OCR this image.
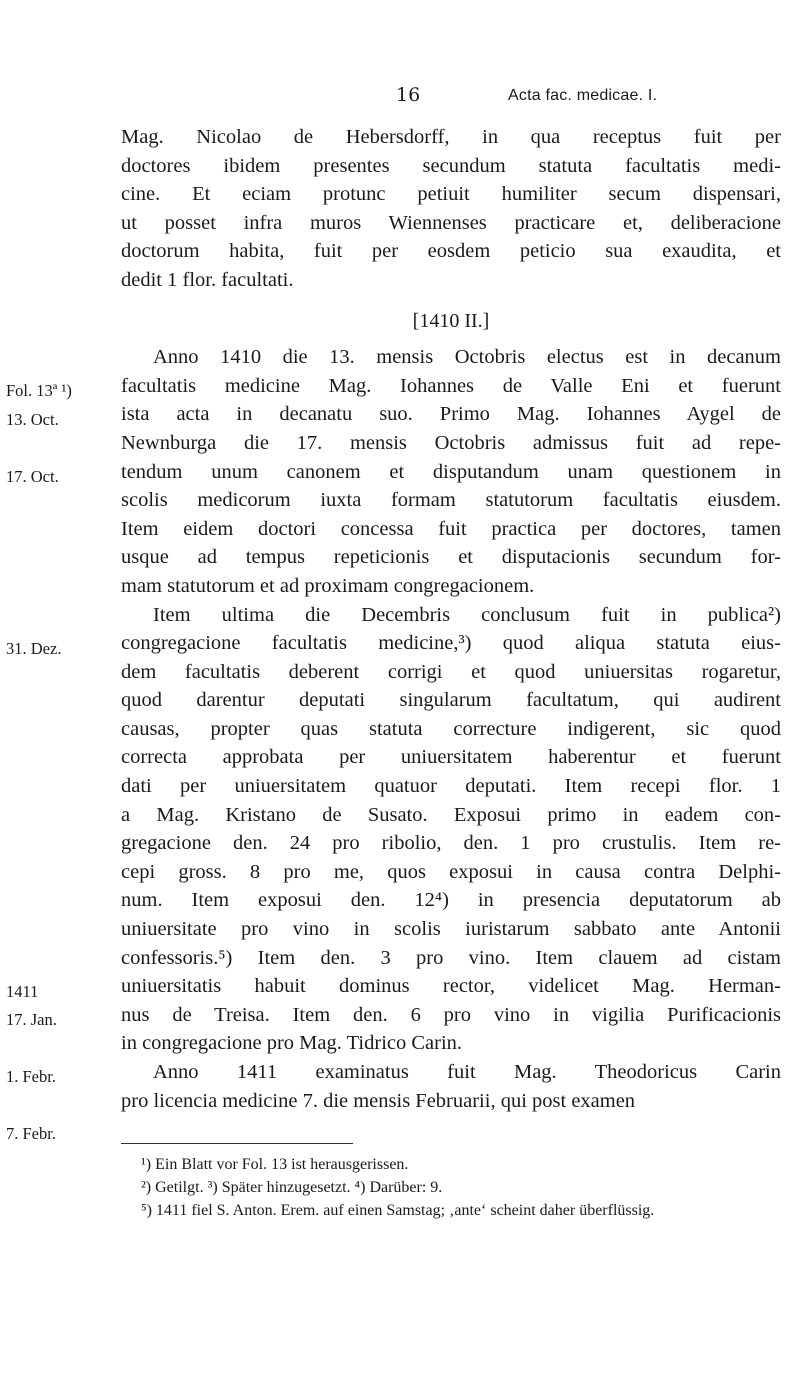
16	Acta fac. medicae. I.
Mag. Nicolao de Hebersdorff, in qua receptus fuit per
doctores ibidem presentes secundum statuta facultatis medi-
cine. Et eciam protunc petiuit humiliter secum dispensari,
ut posset infra muros Wiennenses practicare et, deliberacione
doctorum habita, fuit per eosdem peticio sua exaudita, et
dedit 1 flor. facultati.
[1410 II.]
Anno 1410 die 13. mensis Octobris electus est in decanum
facultatis medicine Mag. Iohannes de Valle Eni et fuerunt
ista acta in decanatu suo. Primo Mag. Iohannes Aygel de
Newnburga die 17. mensis Octobris admissus fuit ad repe-
tendum unum canonem et disputandum unam questionem in
scolis medicorum iuxta formam statutorum facultatis eiusdem.
Item eidem doctori concessa fuit practica per doctores, tamen
usque ad tempus repeticionis et disputacionis secundum for-
mam statutorum et ad proximam congregacionem.
Item ultima die Decembris conclusum fuit in publica²)
congregacione facultatis medicine,³) quod aliqua statuta eius-
dem facultatis deberent corrigi et quod uniuersitas rogaretur,
quod darentur deputati singularum facultatum, qui audirent
causas, propter quas statuta correcture indigerent, sic quod
correcta approbata per uniuersitatem haberentur et fuerunt
dati per uniuersitatem quatuor deputati. Item recepi flor. 1
a Mag. Kristano de Susato. Exposui primo in eadem con-
gregacione den. 24 pro ribolio, den. 1 pro crustulis. Item re-
cepi gross. 8 pro me, quos exposui in causa contra Delphi-
num. Item exposui den. 12⁴) in presencia deputatorum ab
uniuersitate pro vino in scolis iuristarum sabbato ante Antonii
confessoris.⁵) Item den. 3 pro vino. Item clauem ad cistam
uniuersitatis habuit dominus rector, videlicet Mag. Herman-
nus de Treisa. Item den. 6 pro vino in vigilia Purificacionis
in congregacione pro Mag. Tidrico Carin.
Anno 1411 examinatus fuit Mag. Theodoricus Carin
pro licencia medicine 7. die mensis Februarii, qui post examen
Fol. 13ª ¹)
13. Oct.
17. Oct.
31. Dez.
1411
17. Jan.
1. Febr.
7. Febr.
¹) Ein Blatt vor Fol. 13 ist herausgerissen.
²) Getilgt. ³) Später hinzugesetzt. ⁴) Darüber: 9.
⁵) 1411 fiel S. Anton. Erem. auf einen Samstag; ‚ante‘ scheint daher überflüssig.
